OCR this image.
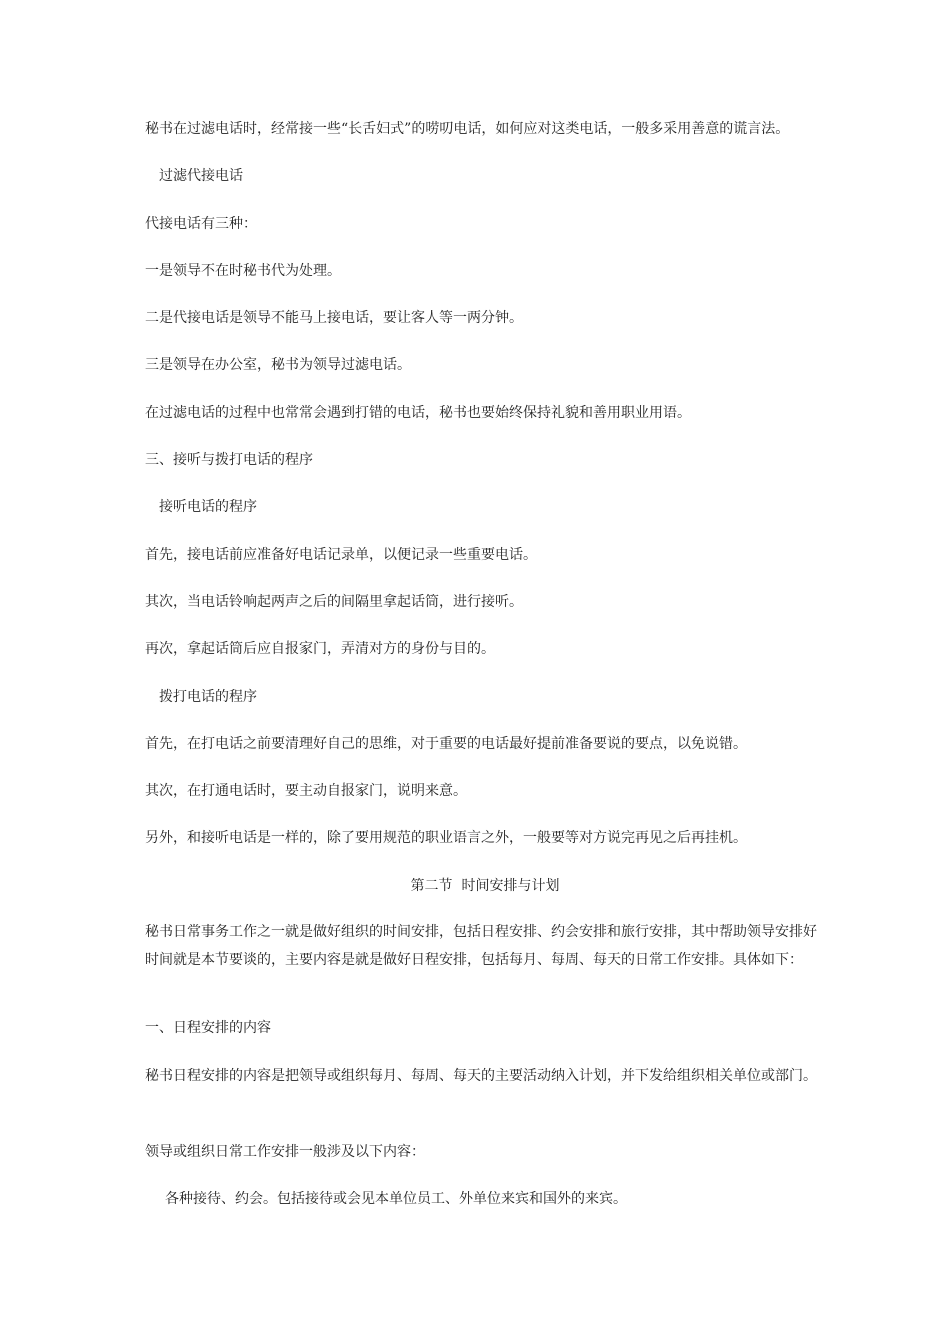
秘书在过滤电话时，经常接一些“长舌妇式”的唠叨电话，如何应对这类电话，一般多采用善意的谎言法。

过滤代接电话

代接电话有三种：

一是领导不在时秘书代为处理。

二是代接电话是领导不能马上接电话，要让客人等一两分钟。

三是领导在办公室，秘书为领导过滤电话。

在过滤电话的过程中也常常会遇到打错的电话，秘书也要始终保持礼貌和善用职业用语。

三、接听与拨打电话的程序

接听电话的程序

首先，接电话前应准备好电话记录单，以便记录一些重要电话。

其次，当电话铃响起两声之后的间隔里拿起话筒，进行接听。

再次，拿起话筒后应自报家门，弄清对方的身份与目的。

拨打电话的程序

首先，在打电话之前要清理好自己的思维，对于重要的电话最好提前准备要说的要点，以免说错。

其次，在打通电话时，要主动自报家门，说明来意。

另外，和接听电话是一样的，除了要用规范的职业语言之外，一般要等对方说完再见之后再挂机。

第二节  时间安排与计划

秘书日常事务工作之一就是做好组织的时间安排，包括日程安排、约会安排和旅行安排，其中帮助领导安排好时间就是本节要谈的，主要内容是就是做好日程安排，包括每月、每周、每天的日常工作安排。具体如下：

一、日程安排的内容

秘书日程安排的内容是把领导或组织每月、每周、每天的主要活动纳入计划，并下发给组织相关单位或部门。

领导或组织日常工作安排一般涉及以下内容：

各种接待、约会。包括接待或会见本单位员工、外单位来宾和国外的来宾。
